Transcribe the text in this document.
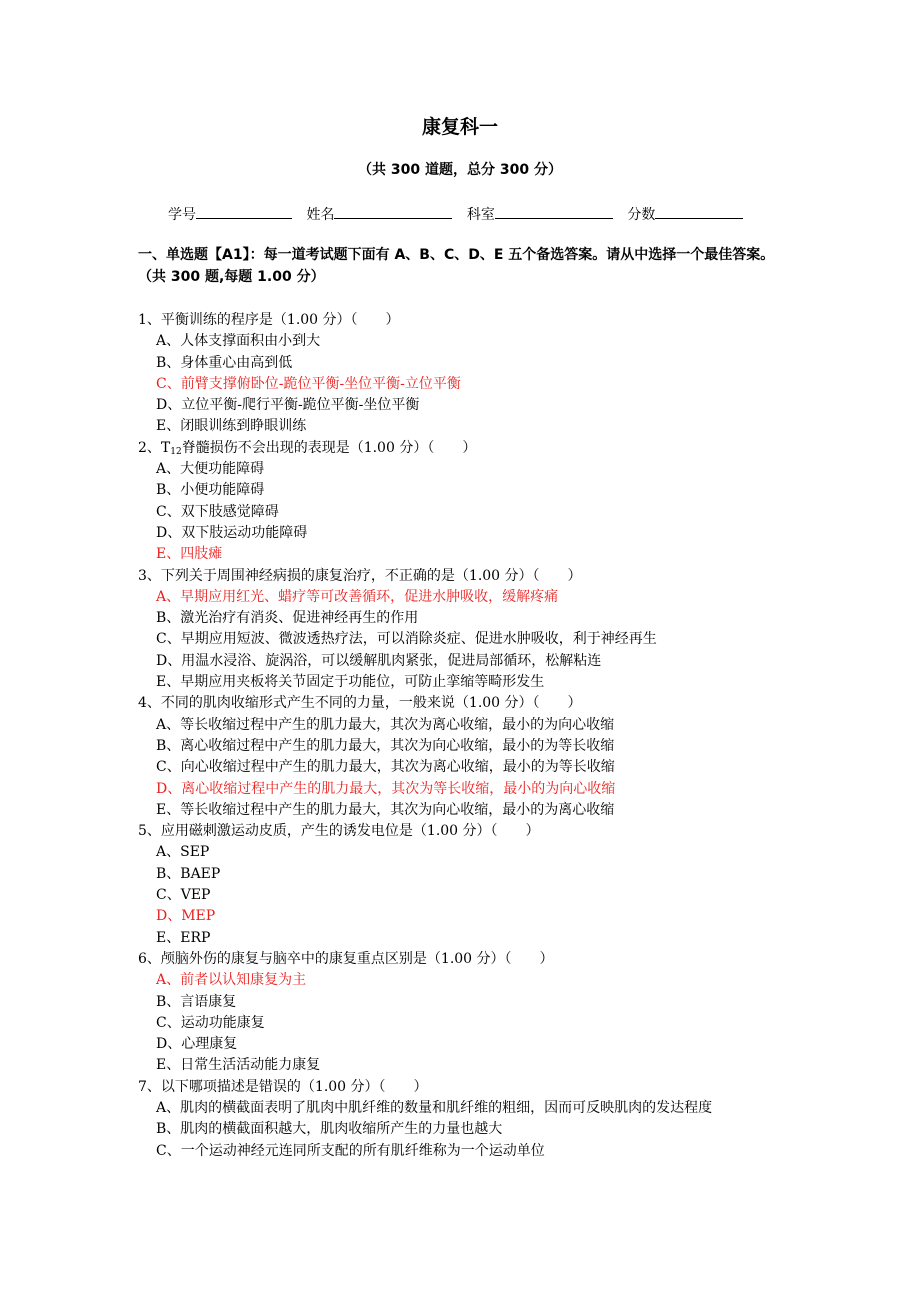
康复科一
（共 300 道题，总分 300 分）
学号	姓名	科室	分数
一、单选题【A1】：每一道考试题下面有 A、B、C、D、E 五个备选答案。请从中选择一个最佳答案。（共 300 题,每题 1.00 分）

1、平衡训练的程序是（1.00 分）（　　）

A、人体支撑面积由小到大

B、身体重心由高到低

C、前臂支撑俯卧位-跪位平衡-坐位平衡-立位平衡

D、立位平衡-爬行平衡-跪位平衡-坐位平衡

E、闭眼训练到睁眼训练

2、$T_{12}$脊髓损伤不会出现的表现是（1.00 分）（　　）

A、大便功能障碍

B、小便功能障碍

C、双下肢感觉障碍

D、双下肢运动功能障碍

E、四肢瘫

3、下列关于周围神经病损的康复治疗，不正确的是（1.00 分）（　　）

A、早期应用红光、蜡疗等可改善循环，促进水肿吸收，缓解疼痛

B、激光治疗有消炎、促进神经再生的作用

C、早期应用短波、微波透热疗法，可以消除炎症、促进水肿吸收，利于神经再生

D、用温水浸浴、旋涡浴，可以缓解肌肉紧张，促进局部循环，松解粘连

E、早期应用夹板将关节固定于功能位，可防止挛缩等畸形发生

4、不同的肌肉收缩形式产生不同的力量，一般来说（1.00 分）（　　）

A、等长收缩过程中产生的肌力最大，其次为离心收缩，最小的为向心收缩

B、离心收缩过程中产生的肌力最大，其次为向心收缩，最小的为等长收缩

C、向心收缩过程中产生的肌力最大，其次为离心收缩，最小的为等长收缩

D、离心收缩过程中产生的肌力最大，其次为等长收缩，最小的为向心收缩

E、等长收缩过程中产生的肌力最大，其次为向心收缩，最小的为离心收缩

5、应用磁刺激运动皮质，产生的诱发电位是（1.00 分）（　　）

A、SEP

B、BAEP

C、VEP

D、MEP

E、ERP

6、颅脑外伤的康复与脑卒中的康复重点区别是（1.00 分）（　　）

A、前者以认知康复为主

B、言语康复

C、运动功能康复

D、心理康复

E、日常生活活动能力康复

7、以下哪项描述是错误的（1.00 分）（　　）

A、肌肉的横截面表明了肌肉中肌纤维的数量和肌纤维的粗细，因而可反映肌肉的发达程度

B、肌肉的横截面积越大，肌肉收缩所产生的力量也越大

C、一个运动神经元连同所支配的所有肌纤维称为一个运动单位
